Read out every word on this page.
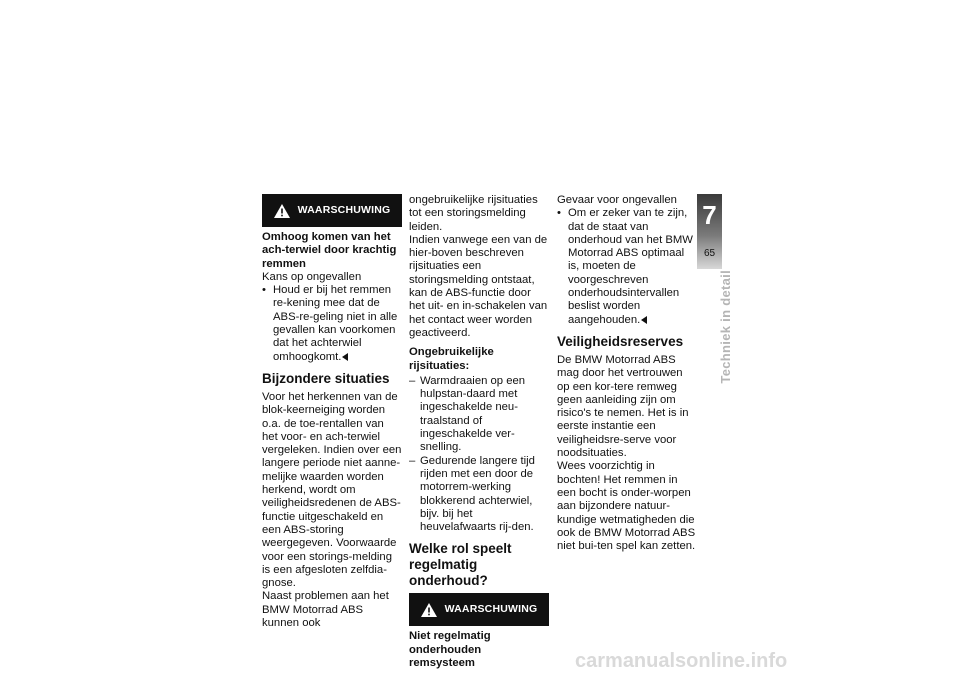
WAARSCHUWING

Omhoog komen van het ach-terwiel door krachtig remmen

Kans op ongevallen

• Houd er bij het remmen re-kening mee dat de ABS-re-geling niet in alle gevallen kan voorkomen dat het achterwiel omhoogkomt.
Bijzondere situaties

Voor het herkennen van de blok-keerneiging worden o.a. de toe-rentallen van het voor- en ach-terwiel vergeleken. Indien over een langere periode niet aanne-melijke waarden worden herkend, wordt om veiligheidsredenen de ABS-functie uitgeschakeld en een ABS-storing weergegeven. Voorwaarde voor een storings-melding is een afgesloten zelfdia-gnose.

Naast problemen aan het BMW Motorrad ABS kunnen ook

ongebruikelijke rijsituaties tot een storingsmelding leiden.

Indien vanwege een van de hier-boven beschreven rijsituaties een storingsmelding ontstaat, kan de ABS-functie door het uit- en in-schakelen van het contact weer worden geactiveerd.

Ongebruikelijke rijsituaties:
– Warmdraaien op een hulpstan-daard met ingeschakelde neu-traalstand of ingeschakelde ver-snelling.
– Gedurende langere tijd rijden met een door de motorrem-werking blokkerend achterwiel, bijv. bij het heuvelafwaarts rij-den.
Welke rol speelt regelmatig onderhoud?
WAARSCHUWING

Niet regelmatig onderhouden remsysteem

Gevaar voor ongevallen

• Om er zeker van te zijn, dat de staat van onderhoud van het BMW Motorrad ABS optimaal is, moeten de voorgeschreven onderhoudsintervallen beslist worden aangehouden.
Veiligheidsreserves

De BMW Motorrad ABS mag door het vertrouwen op een kor-tere remweg geen aanleiding zijn om risico's te nemen. Het is in eerste instantie een veiligheidsre-serve voor noodsituaties.

Wees voorzichtig in bochten! Het remmen in een bocht is onder-worpen aan bijzondere natuur-kundige wetmatigheden die ook de BMW Motorrad ABS niet bui-ten spel kan zetten.

7
65
Techniek in detail
carmanualsonline.info
